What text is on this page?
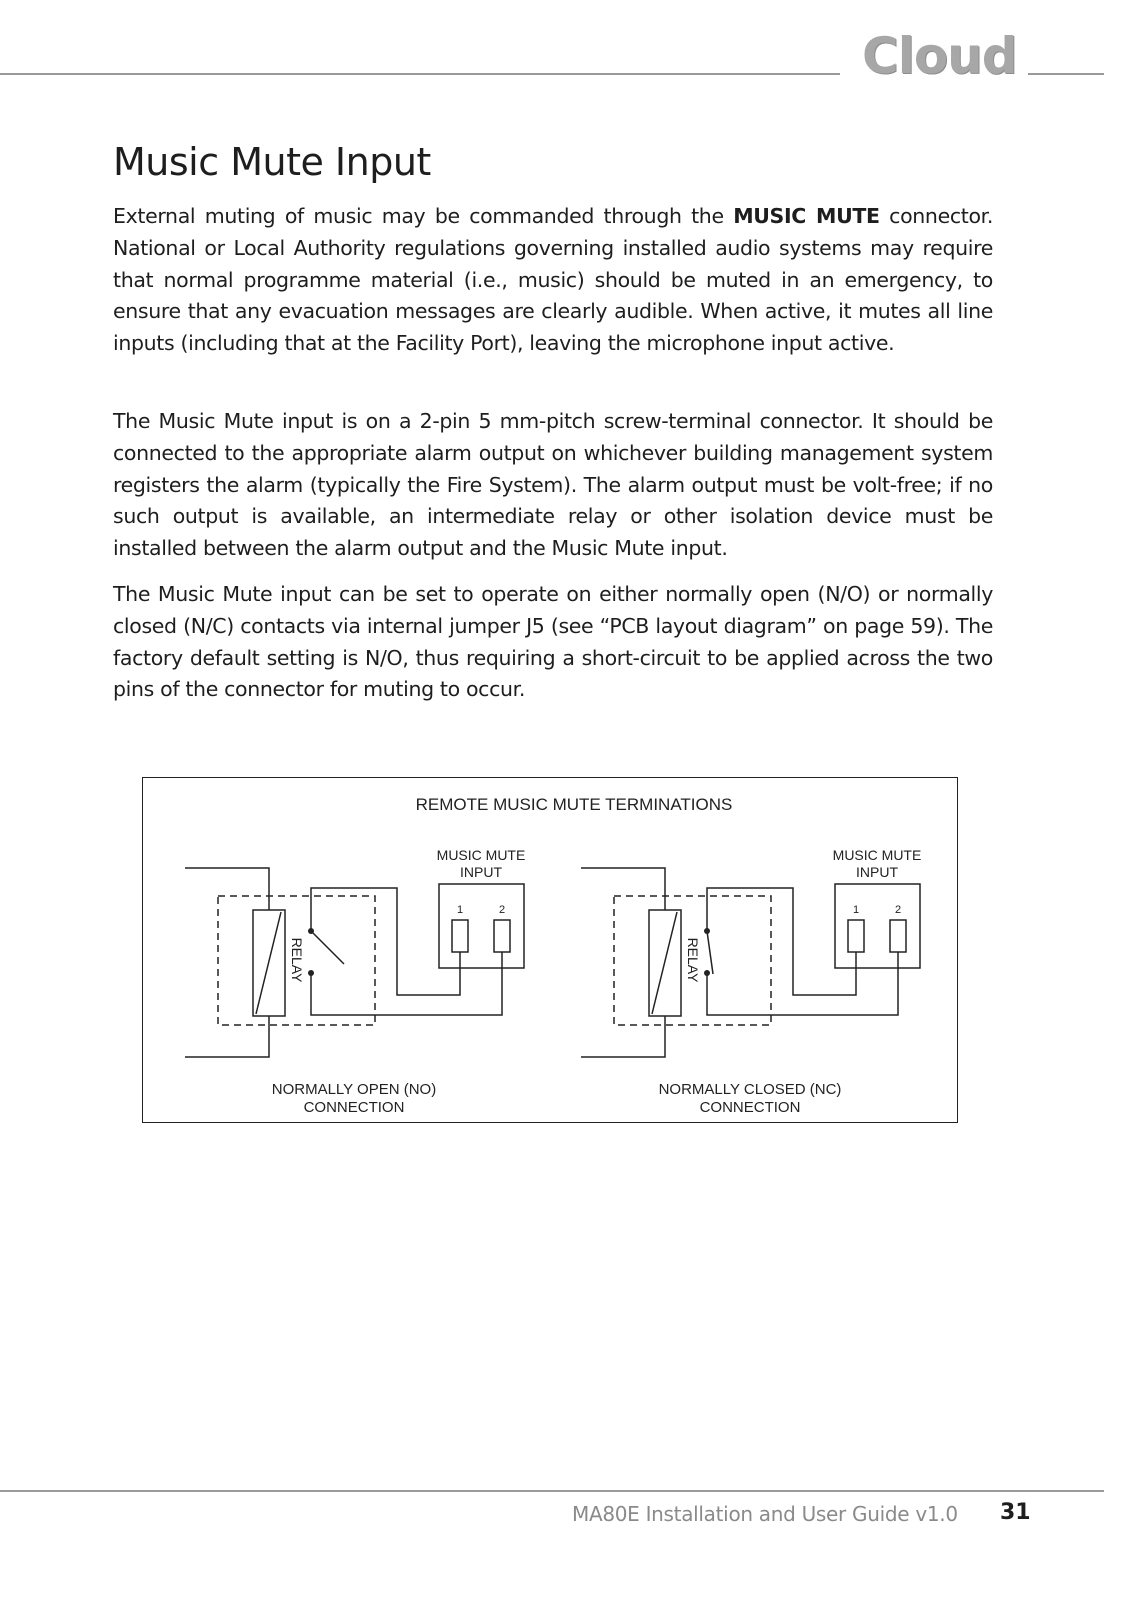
Cloud
Music Mute Input

External muting of music may be commanded through the MUSIC MUTE connector. National or Local Authority regulations governing installed audio systems may require that normal programme material (i.e., music) should be muted in an emergency, to ensure that any evacuation messages are clearly audible. When active, it mutes all line inputs (including that at the Facility Port), leaving the microphone input active.

The Music Mute input is on a 2-pin 5 mm-pitch screw-terminal connector. It should be connected to the appropriate alarm output on whichever building management system registers the alarm (typically the Fire System). The alarm output must be volt-free; if no such output is available, an intermediate relay or other isolation device must be installed between the alarm output and the Music Mute input.

The Music Mute input can be set to operate on either normally open (N/O) or normally closed (N/C) contacts via internal jumper J5 (see “PCB layout diagram” on page 59). The factory default setting is N/O, thus requiring a short-circuit to be applied across the two pins of the connector for muting to occur.

REMOTE MUSIC MUTE TERMINATIONS
MUSIC MUTE
INPUT
1	2
RELAY
NORMALLY OPEN (NO)
CONNECTION
MUSIC MUTE
INPUT
1	2
RELAY
NORMALLY CLOSED (NC)
CONNECTION
MA80E Installation and User Guide v1.0 31
